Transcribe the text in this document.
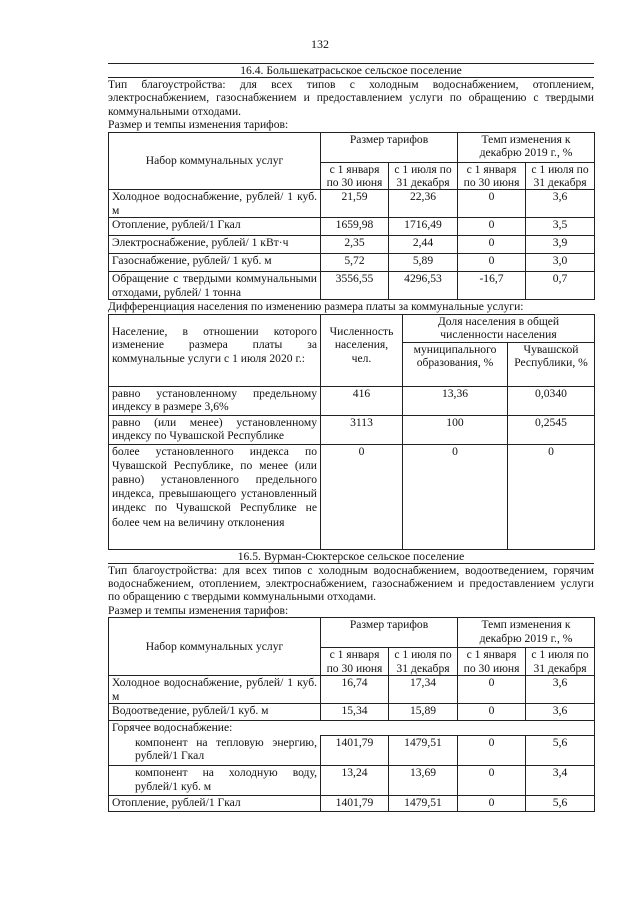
132
16.4. Большекатрасьское сельское поселение
Тип благоустройства: для всех типов с холодным водоснабжением, отоплением, электроснабжением, газоснабжением и предоставлением услуги по обращению с твердыми коммунальными отходами.
Размер и темпы изменения тарифов:
Набор коммунальных услуг	Размер тарифов		Темп изменения к декабрю 2019 г., %	
	с 1 января по 30 июня	с 1 июля по 31 декабря	с 1 января по 30 июня	с 1 июля по 31 декабря
Холодное водоснабжение, рублей/ 1 куб. м	21,59	22,36	0	3,6
Отопление, рублей/1 Гкал	1659,98	1716,49	0	3,5
Электроснабжение, рублей/ 1 кВт·ч	2,35	2,44	0	3,9
Газоснабжение, рублей/ 1 куб. м	5,72	5,89	0	3,0
Обращение с твердыми коммунальными отходами, рублей/ 1 тонна	3556,55	4296,53	-16,7	0,7
Дифференциация населения по изменению размера платы за коммунальные услуги:
Население, в отношении которого изменение размера платы за коммунальные услуги с 1 июля 2020 г.:	Численность населения, чел.	Доля населения в общей численности населения	
		муниципального образования, %	Чувашской Республики, %
равно установленному предельному индексу в размере 3,6%	416	13,36	0,0340
равно (или менее) установленному индексу по Чувашской Республике	3113	100	0,2545
более установленного индекса по Чувашской Республике, по менее (или равно) установленного предельного индекса, превышающего установленный индекс по Чувашской Республике не более чем на величину отклонения	0	0	0
16.5. Вурман-Сюктерское сельское поселение
Тип благоустройства: для всех типов с холодным водоснабжением, водоотведением, горячим водоснабжением, отоплением, электроснабжением, газоснабжением и предоставлением услуги по обращению с твердыми коммунальными отходами.
Размер и темпы изменения тарифов:
Набор коммунальных услуг	Размер тарифов		Темп изменения к декабрю 2019 г., %	
	с 1 января по 30 июня	с 1 июля по 31 декабря	с 1 января по 30 июня	с 1 июля по 31 декабря
Холодное водоснабжение, рублей/ 1 куб. м	16,74	17,34	0	3,6
Водоотведение, рублей/1 куб. м	15,34	15,89	0	3,6
Горячее водоснабжение:				
компонент на тепловую энергию, рублей/1 Гкал	1401,79	1479,51	0	5,6
компонент на холодную воду, рублей/1 куб. м	13,24	13,69	0	3,4
Отопление, рублей/1 Гкал	1401,79	1479,51	0	5,6
